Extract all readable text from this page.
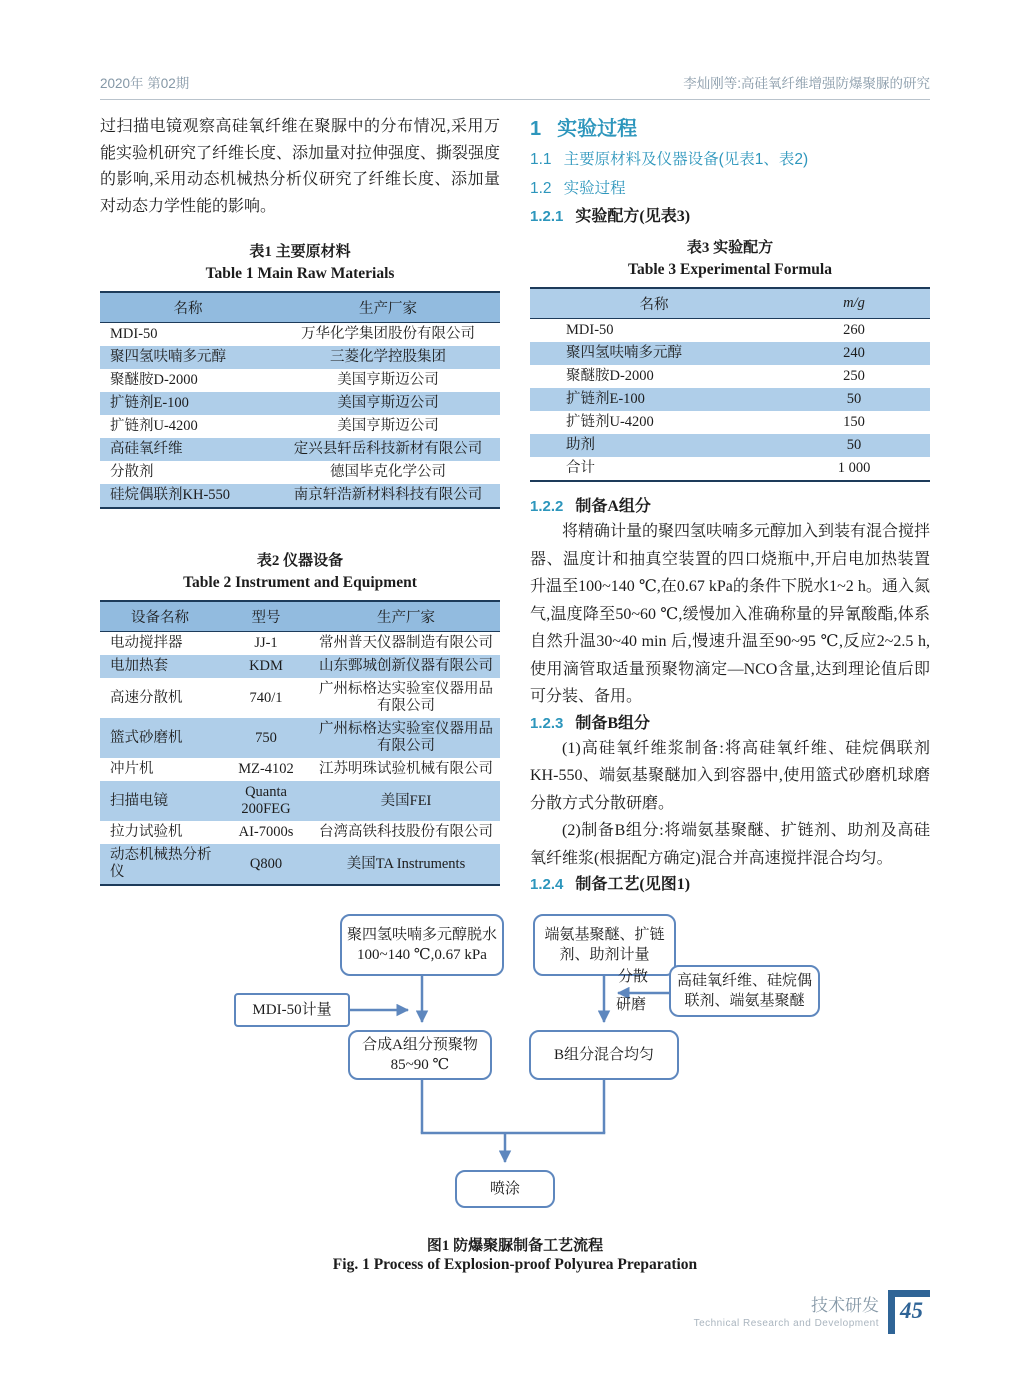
2020年 第02期	李灿刚等:高硅氧纤维增强防爆聚脲的研究

过扫描电镜观察高硅氧纤维在聚脲中的分布情况,采用万能实验机研究了纤维长度、添加量对拉伸强度、撕裂强度的影响,采用动态机械热分析仪研究了纤维长度、添加量对动态力学性能的影响。

表1 主要原材料

Table 1 Main Raw Materials

名称	生产厂家
MDI-50	万华化学集团股份有限公司
聚四氢呋喃多元醇	三菱化学控股集团
聚醚胺D-2000	美国亨斯迈公司
扩链剂E-100	美国亨斯迈公司
扩链剂U-4200	美国亨斯迈公司
高硅氧纤维	定兴县轩岳科技新材有限公司
分散剂	德国毕克化学公司
硅烷偶联剂KH-550	南京轩浩新材料科技有限公司

表2 仪器设备

Table 2 Instrument and Equipment

设备名称	型号	生产厂家
电动搅拌器	JJ-1	常州普天仪器制造有限公司
电加热套	KDM	山东鄄城创新仪器有限公司
高速分散机	740/1	广州标格达实验室仪器用品有限公司
篮式砂磨机	750	广州标格达实验室仪器用品有限公司
冲片机	MZ-4102	江苏明珠试验机械有限公司
扫描电镜	Quanta 200FEG	美国FEI
拉力试验机	AI-7000s	台湾高铁科技股份有限公司
动态机械热分析仪	Q800	美国TA Instruments
1 实验过程
1.1 主要原材料及仪器设备(见表1、表2)
1.2 实验过程
1.2.1 实验配方(见表3)

表3 实验配方

Table 3 Experimental Formula

名称	m/g
MDI-50	260
聚四氢呋喃多元醇	240
聚醚胺D-2000	250
扩链剂E-100	50
扩链剂U-4200	150
助剂	50
合计	1 000
1.2.2 制备A组分

将精确计量的聚四氢呋喃多元醇加入到装有混合搅拌器、温度计和抽真空装置的四口烧瓶中,开启电加热装置升温至100~140 ℃,在0.67 kPa的条件下脱水1~2 h。通入氮气,温度降至50~60 ℃,缓慢加入准确称量的异氰酸酯,体系自然升温30~40 min 后,慢速升温至90~95 ℃,反应2~2.5 h,使用滴管取适量预聚物滴定—NCO含量,达到理论值后即可分装、备用。

1.2.3 制备B组分

(1)高硅氧纤维浆制备:将高硅氧纤维、硅烷偶联剂KH-550、端氨基聚醚加入到容器中,使用篮式砂磨机球磨分散方式分散研磨。

(2)制备B组分:将端氨基聚醚、扩链剂、助剂及高硅氧纤维浆(根据配方确定)混合并高速搅拌混合均匀。

1.2.4 制备工艺(见图1)
聚四氢呋喃多元醇脱水
100~140 ℃,0.67 kPa
端氨基聚醚、扩链
剂、助剂计量
MDI-50计量
高硅氧纤维、硅烷偶
联剂、端氨基聚醚
合成A组分预聚物
85~90 ℃
B组分混合均匀
喷涂
分散
研磨

图1 防爆聚脲制备工艺流程

Fig. 1 Process of Explosion-proof Polyurea Preparation

技术研发
Technical Research and Development
45
